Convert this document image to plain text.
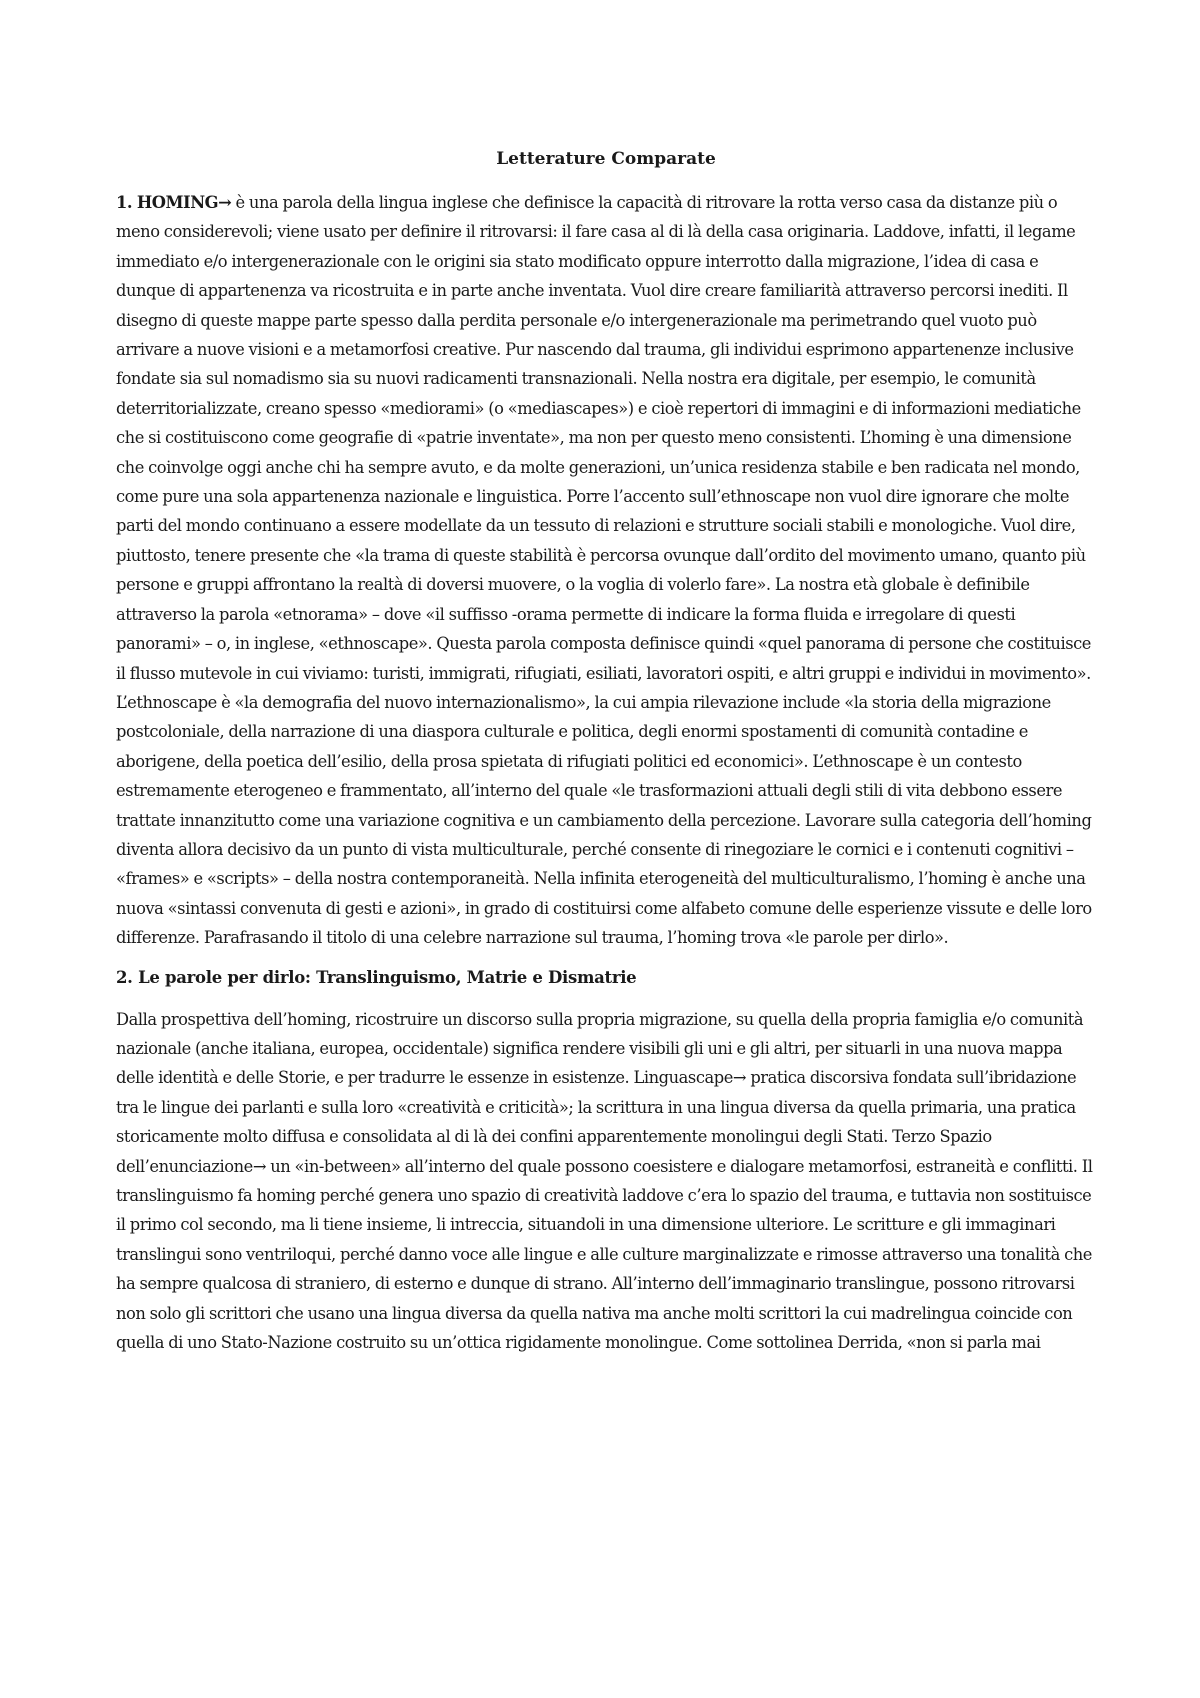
Letterature Comparate

1. HOMING→ è una parola della lingua inglese che definisce la capacità di ritrovare la rotta verso casa da distanze più o meno considerevoli; viene usato per definire il ritrovarsi: il fare casa al di là della casa originaria. Laddove, infatti, il legame immediato e/o intergenerazionale con le origini sia stato modificato oppure interrotto dalla migrazione, l’idea di casa e dunque di appartenenza va ricostruita e in parte anche inventata. Vuol dire creare familiarità attraverso percorsi inediti. Il disegno di queste mappe parte spesso dalla perdita personale e/o intergenerazionale ma perimetrando quel vuoto può arrivare a nuove visioni e a metamorfosi creative. Pur nascendo dal trauma, gli individui esprimono appartenenze inclusive fondate sia sul nomadismo sia su nuovi radicamenti transnazionali. Nella nostra era digitale, per esempio, le comunità deterritorializzate, creano spesso «mediorami» (o «mediascapes») e cioè repertori di immagini e di informazioni mediatiche che si costituiscono come geografie di «patrie inventate», ma non per questo meno consistenti. L’homing è una dimensione che coinvolge oggi anche chi ha sempre avuto, e da molte generazioni, un’unica residenza stabile e ben radicata nel mondo, come pure una sola appartenenza nazionale e linguistica. Porre l’accento sull’ethnoscape non vuol dire ignorare che molte parti del mondo continuano a essere modellate da un tessuto di relazioni e strutture sociali stabili e monologiche. Vuol dire, piuttosto, tenere presente che «la trama di queste stabilità è percorsa ovunque dall’ordito del movimento umano, quanto più persone e gruppi affrontano la realtà di doversi muovere, o la voglia di volerlo fare». La nostra età globale è definibile attraverso la parola «etnorama» – dove «il suffisso -orama permette di indicare la forma fluida e irregolare di questi panorami» – o, in inglese, «ethnoscape». Questa parola composta definisce quindi «quel panorama di persone che costituisce il flusso mutevole in cui viviamo: turisti, immigrati, rifugiati, esiliati, lavoratori ospiti, e altri gruppi e individui in movimento». L’ethnoscape è «la demografia del nuovo internazionalismo», la cui ampia rilevazione include «la storia della migrazione postcoloniale, della narrazione di una diaspora culturale e politica, degli enormi spostamenti di comunità contadine e aborigene, della poetica dell’esilio, della prosa spietata di rifugiati politici ed economici». L’ethnoscape è un contesto estremamente eterogeneo e frammentato, all’interno del quale «le trasformazioni attuali degli stili di vita debbono essere trattate innanzitutto come una variazione cognitiva e un cambiamento della percezione. Lavorare sulla categoria dell’homing diventa allora decisivo da un punto di vista multiculturale, perché consente di rinegoziare le cornici e i contenuti cognitivi – «frames» e «scripts» – della nostra contemporaneità. Nella infinita eterogeneità del multiculturalismo, l’homing è anche una nuova «sintassi convenuta di gesti e azioni», in grado di costituirsi come alfabeto comune delle esperienze vissute e delle loro differenze. Parafrasando il titolo di una celebre narrazione sul trauma, l’homing trova «le parole per dirlo».

2. Le parole per dirlo: Translinguismo, Matrie e Dismatrie

Dalla prospettiva dell’homing, ricostruire un discorso sulla propria migrazione, su quella della propria famiglia e/o comunità nazionale (anche italiana, europea, occidentale) significa rendere visibili gli uni e gli altri, per situarli in una nuova mappa delle identità e delle Storie, e per tradurre le essenze in esistenze. Linguascape→ pratica discorsiva fondata sull’ibridazione tra le lingue dei parlanti e sulla loro «creatività e criticità»; la scrittura in una lingua diversa da quella primaria, una pratica storicamente molto diffusa e consolidata al di là dei confini apparentemente monolingui degli Stati. Terzo Spazio dell’enunciazione→ un «in-between» all’interno del quale possono coesistere e dialogare metamorfosi, estraneità e conflitti. Il translinguismo fa homing perché genera uno spazio di creatività laddove c’era lo spazio del trauma, e tuttavia non sostituisce il primo col secondo, ma li tiene insieme, li intreccia, situandoli in una dimensione ulteriore. Le scritture e gli immaginari translingui sono ventriloqui, perché danno voce alle lingue e alle culture marginalizzate e rimosse attraverso una tonalità che ha sempre qualcosa di straniero, di esterno e dunque di strano. All’interno dell’immaginario translingue, possono ritrovarsi non solo gli scrittori che usano una lingua diversa da quella nativa ma anche molti scrittori la cui madrelingua coincide con quella di uno Stato-Nazione costruito su un’ottica rigidamente monolingue. Come sottolinea Derrida, «non si parla mai
